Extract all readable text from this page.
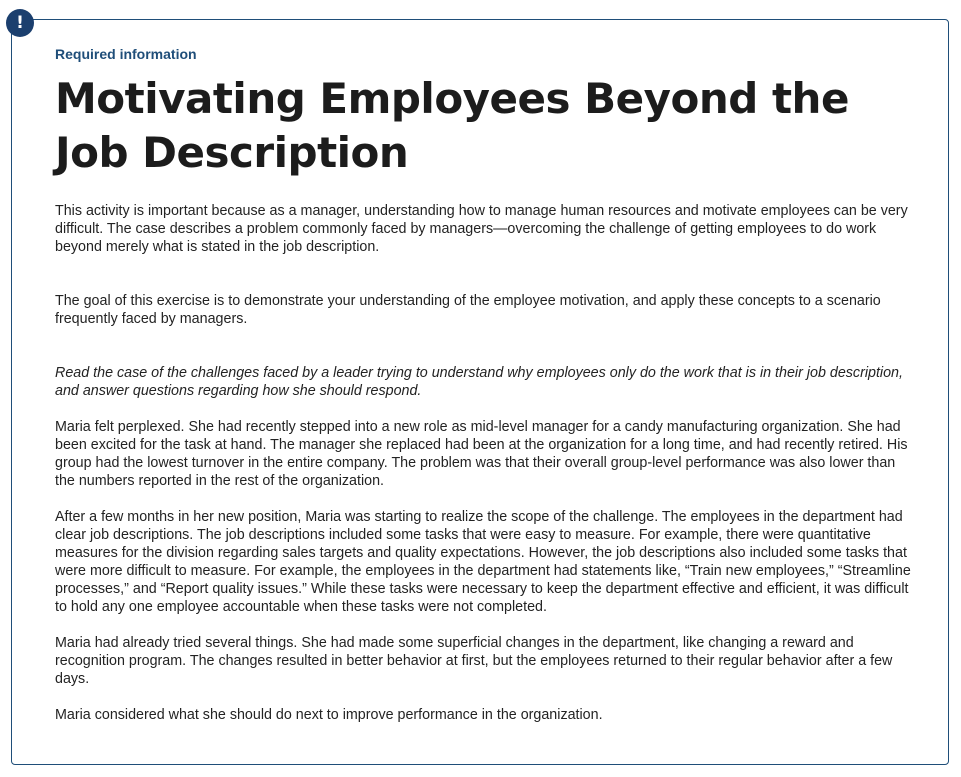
!
Required information
Motivating Employees Beyond the Job Description

This activity is important because as a manager, understanding how to manage human resources and motivate employees can be very difficult. The case describes a problem commonly faced by managers—overcoming the challenge of getting employees to do work beyond merely what is stated in the job description.

The goal of this exercise is to demonstrate your understanding of the employee motivation, and apply these concepts to a scenario frequently faced by managers.

Read the case of the challenges faced by a leader trying to understand why employees only do the work that is in their job description, and answer questions regarding how she should respond.

Maria felt perplexed. She had recently stepped into a new role as mid-level manager for a candy manufacturing organization. She had been excited for the task at hand. The manager she replaced had been at the organization for a long time, and had recently retired. His group had the lowest turnover in the entire company. The problem was that their overall group-level performance was also lower than the numbers reported in the rest of the organization.

After a few months in her new position, Maria was starting to realize the scope of the challenge. The employees in the department had clear job descriptions. The job descriptions included some tasks that were easy to measure. For example, there were quantitative measures for the division regarding sales targets and quality expectations. However, the job descriptions also included some tasks that were more difficult to measure. For example, the employees in the department had statements like, “Train new employees,” “Streamline processes,” and “Report quality issues.” While these tasks were necessary to keep the department effective and efficient, it was difficult to hold any one employee accountable when these tasks were not completed.

Maria had already tried several things. She had made some superficial changes in the department, like changing a reward and recognition program. The changes resulted in better behavior at first, but the employees returned to their regular behavior after a few days.

Maria considered what she should do next to improve performance in the organization.
